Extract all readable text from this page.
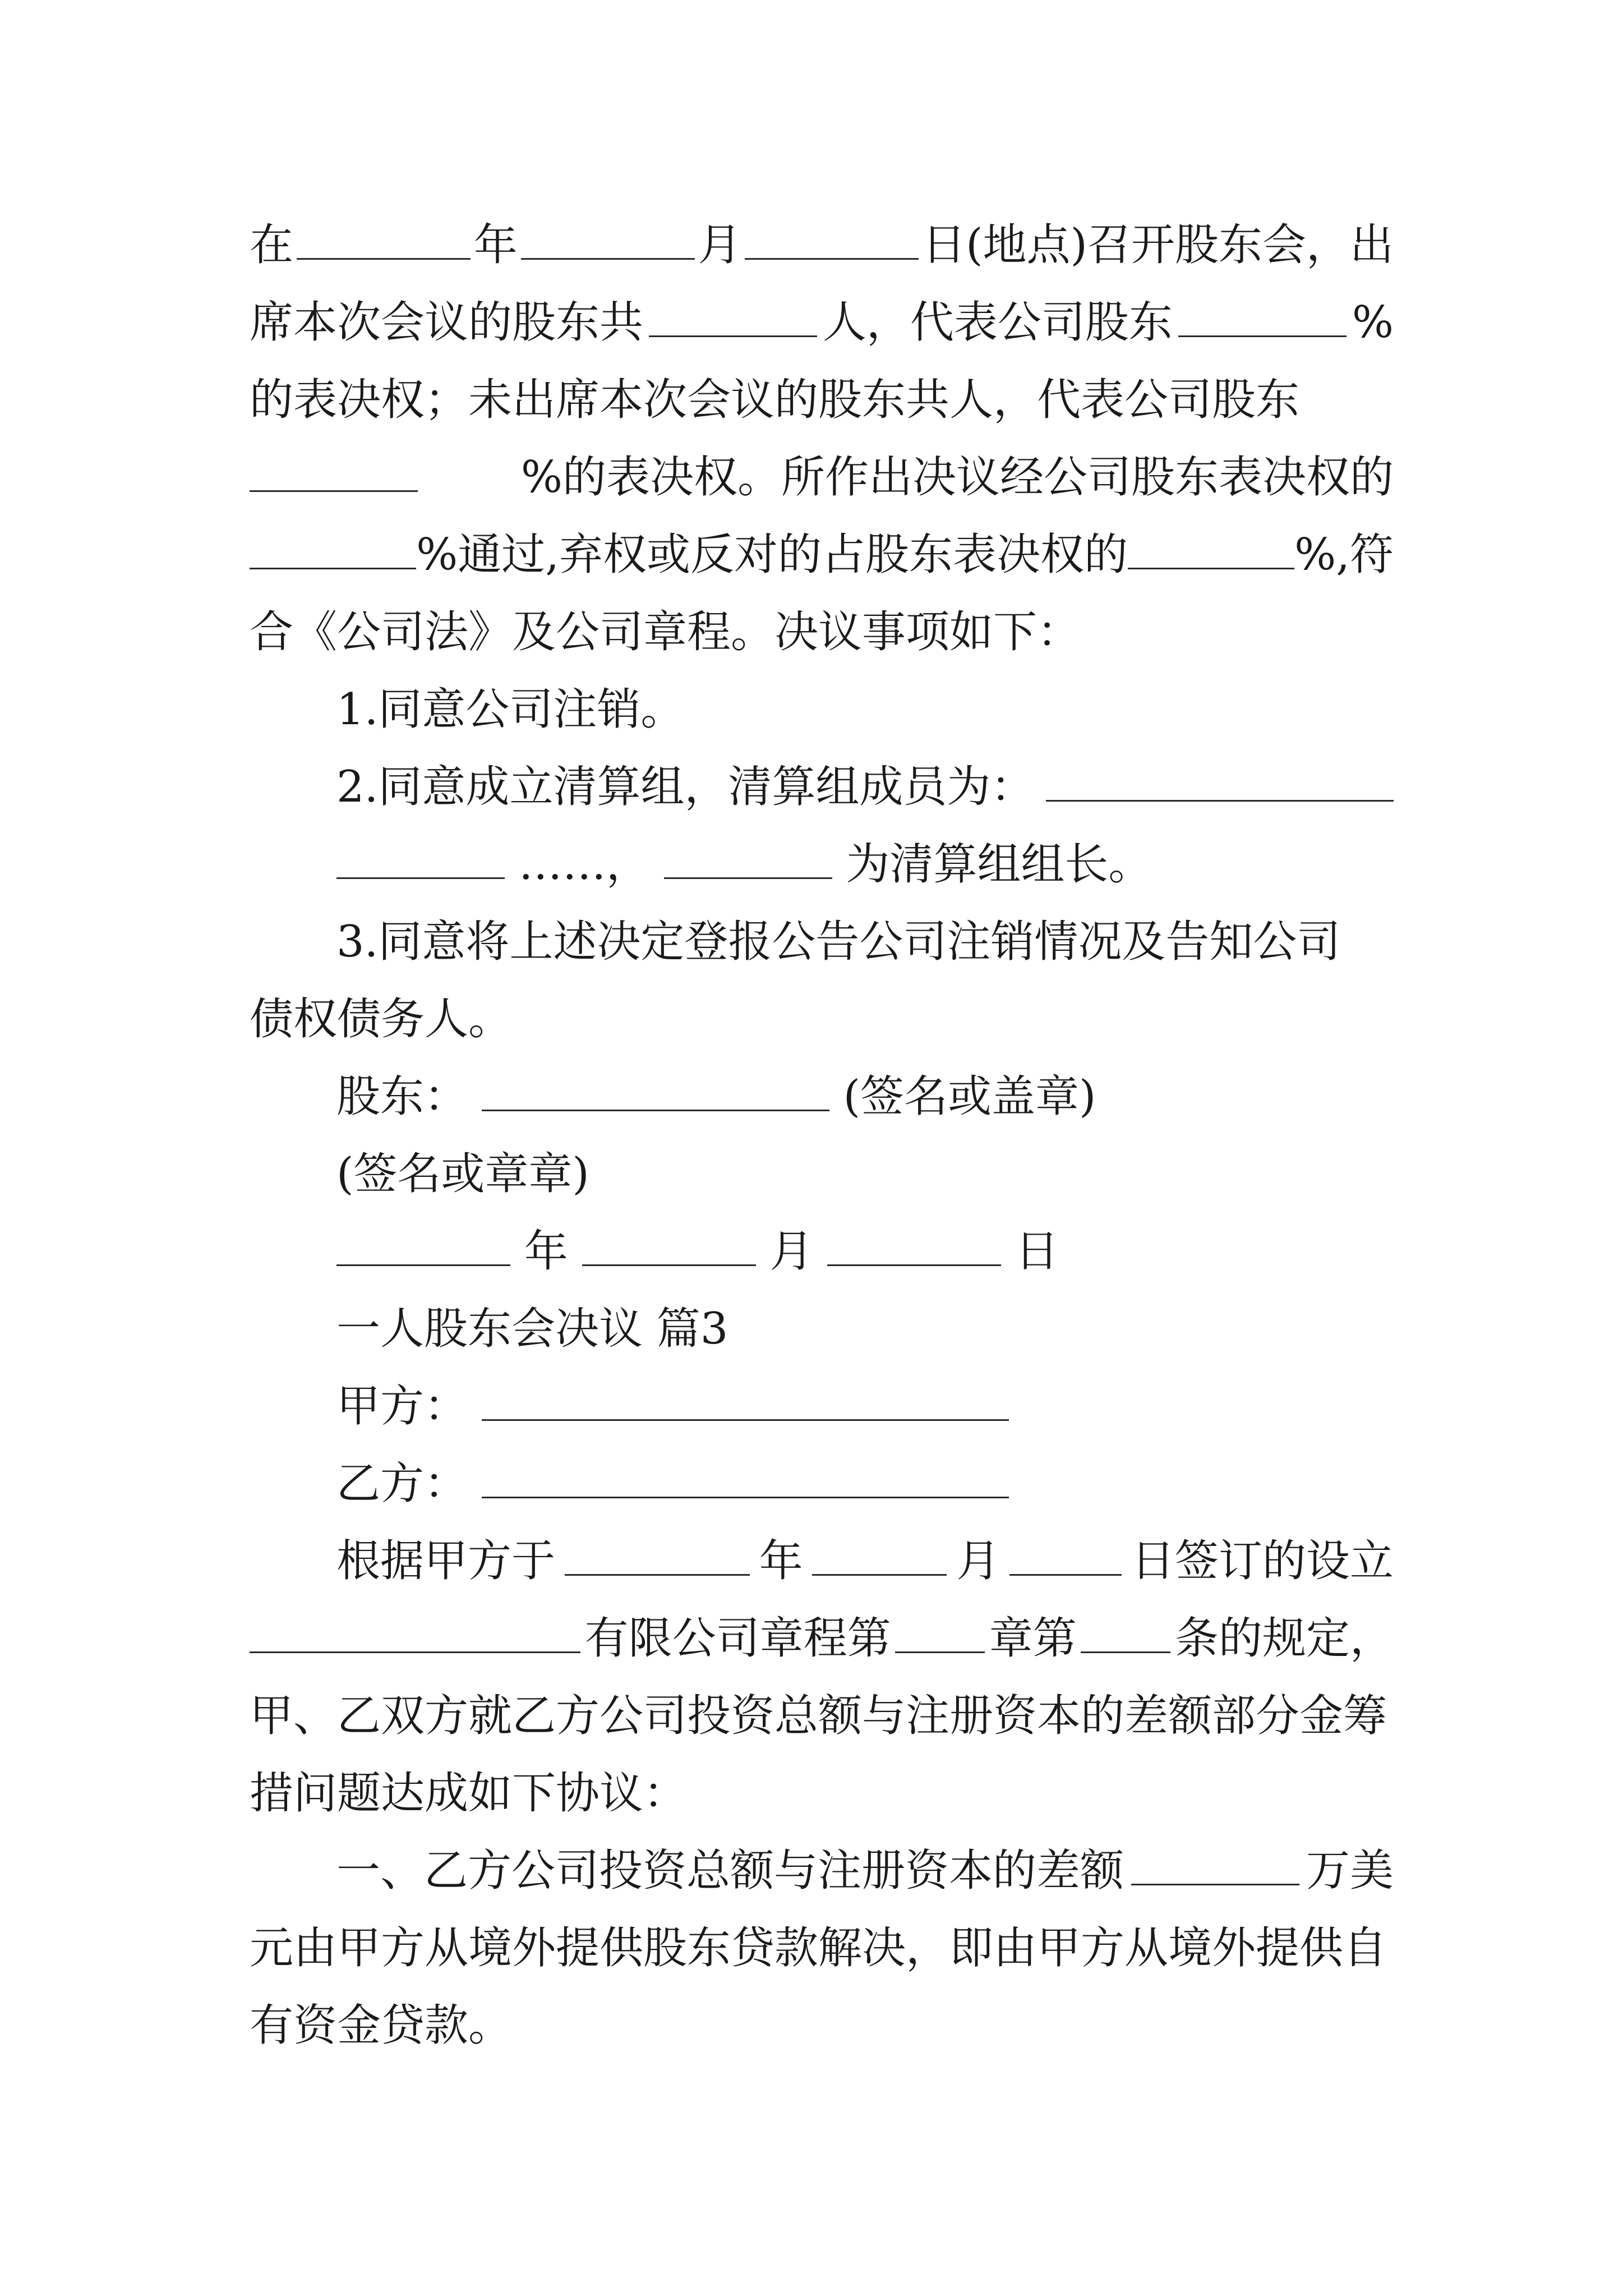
在	年	月	日(地点)召开股东会，出
席本次会议的股东共	人，代表公司股东	%
的表决权；未出席本次会议的股东共人，代表公司股东
%的表决权。所作出决议经公司股东表决权的
%通过,弃权或反对的占股东表决权的	%,符
合《公司法》及公司章程。决议事项如下：
1.同意公司注销。
2.同意成立清算组，清算组成员为：
……，	为清算组组长。
3.同意将上述决定登报公告公司注销情况及告知公司
债权债务人。
股东：	(签名或盖章)
(签名或章章)
年	月	日
一人股东会决议 篇3
甲方：
乙方：
根据甲方于	年	月	日签订的设立
有限公司章程第 章第 条的规定，
甲、乙双方就乙方公司投资总额与注册资本的差额部分金筹
措问题达成如下协议：
一、乙方公司投资总额与注册资本的差额	万美
元由甲方从境外提供股东贷款解决，即由甲方从境外提供自
有资金贷款。
